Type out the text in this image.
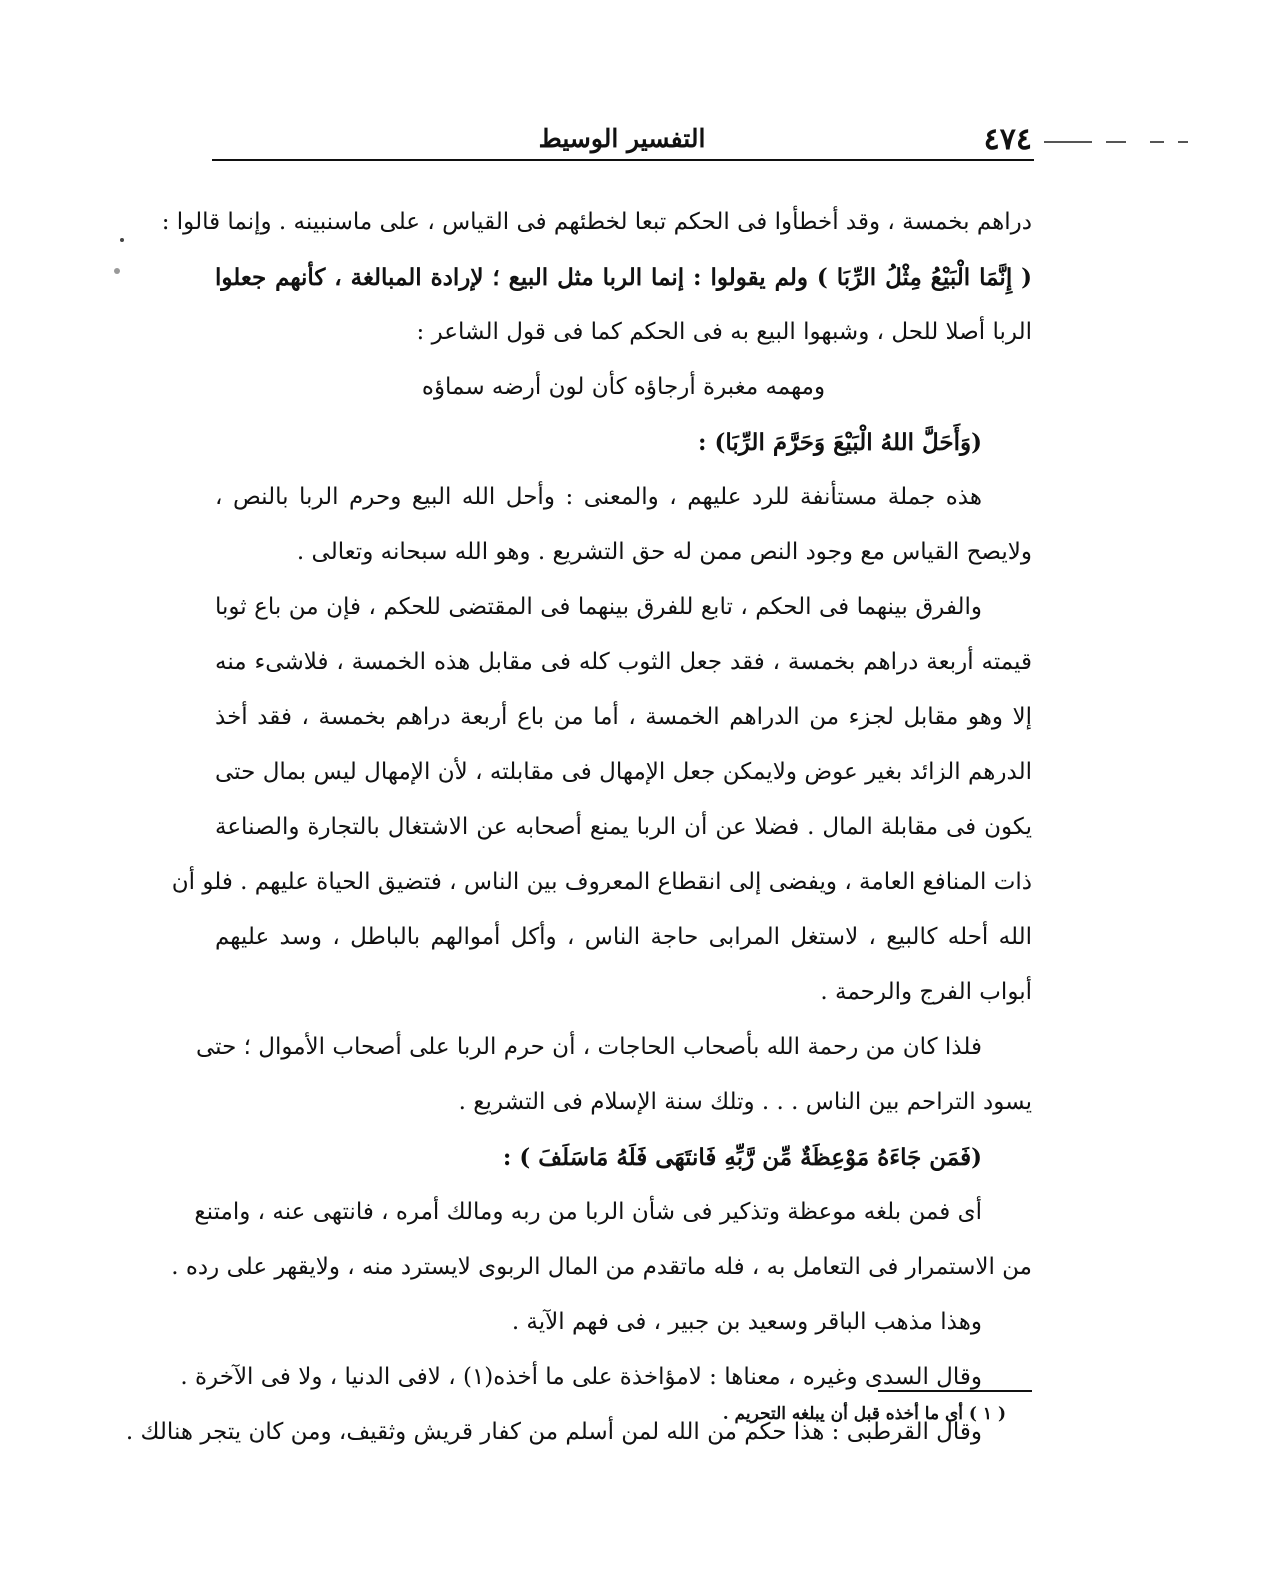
٤٧٤
التفسير الوسيط
دراهم بخمسة ، وقد أخطأوا فى الحكم تبعا لخطئهم فى القياس ، على ماسنبينه . وإنما قالوا :
( إِنَّمَا الْبَيْعُ مِثْلُ الرِّبَا ) ولم يقولوا : إنما الربا مثل البيع ؛ لإرادة المبالغة ، كأنهم جعلوا
الربا أصلا للحل ، وشبهوا البيع به فى الحكم كما فى قول الشاعر :
ومهمه مغبرة أرجاؤه كأن لون أرضه سماؤه
(وَأَحَلَّ اللهُ الْبَيْعَ وَحَرَّمَ الرِّبَا) :
هذه جملة مستأنفة للرد عليهم ، والمعنى : وأحل الله البيع وحرم الربا بالنص ،
ولايصح القياس مع وجود النص ممن له حق التشريع . وهو الله سبحانه وتعالى .
والفرق بينهما فى الحكم ، تابع للفرق بينهما فى المقتضى للحكم ، فإن من باع ثوبا
قيمته أربعة دراهم بخمسة ، فقد جعل الثوب كله فى مقابل هذه الخمسة ، فلاشىء منه
إلا وهو مقابل لجزء من الدراهم الخمسة ، أما من باع أربعة دراهم بخمسة ، فقد أخذ
الدرهم الزائد بغير عوض ولايمكن جعل الإمهال فى مقابلته ، لأن الإمهال ليس بمال حتى
يكون فى مقابلة المال . فضلا عن أن الربا يمنع أصحابه عن الاشتغال بالتجارة والصناعة
ذات المنافع العامة ، ويفضى إلى انقطاع المعروف بين الناس ، فتضيق الحياة عليهم . فلو أن
الله أحله كالبيع ، لاستغل المرابى حاجة الناس ، وأكل أموالهم بالباطل ، وسد عليهم
أبواب الفرج والرحمة .
فلذا كان من رحمة الله بأصحاب الحاجات ، أن حرم الربا على أصحاب الأموال ؛ حتى
يسود التراحم بين الناس . . . وتلك سنة الإسلام فى التشريع .
(فَمَن جَاءَهُ مَوْعِظَةٌ مِّن رَّبِّهِ فَانتَهَى فَلَهُ مَاسَلَفَ ) :
أى فمن بلغه موعظة وتذكير فى شأن الربا من ربه ومالك أمره ، فانتهى عنه ، وامتنع
من الاستمرار فى التعامل به ، فله ماتقدم من المال الربوى لايسترد منه ، ولايقهر على رده .
وهذا مذهب الباقر وسعيد بن جبير ، فى فهم الآية .
وقال السدى وغيره ، معناها : لامؤاخذة على ما أخذه(١) ، لافى الدنيا ، ولا فى الآخرة .
وقال القرطبى : هذا حكم من الله لمن أسلم من كفار قريش وثقيف، ومن كان يتجر هنالك .
( ١ ) أى ما أخذه قبل أن يبلغه التحريم .
